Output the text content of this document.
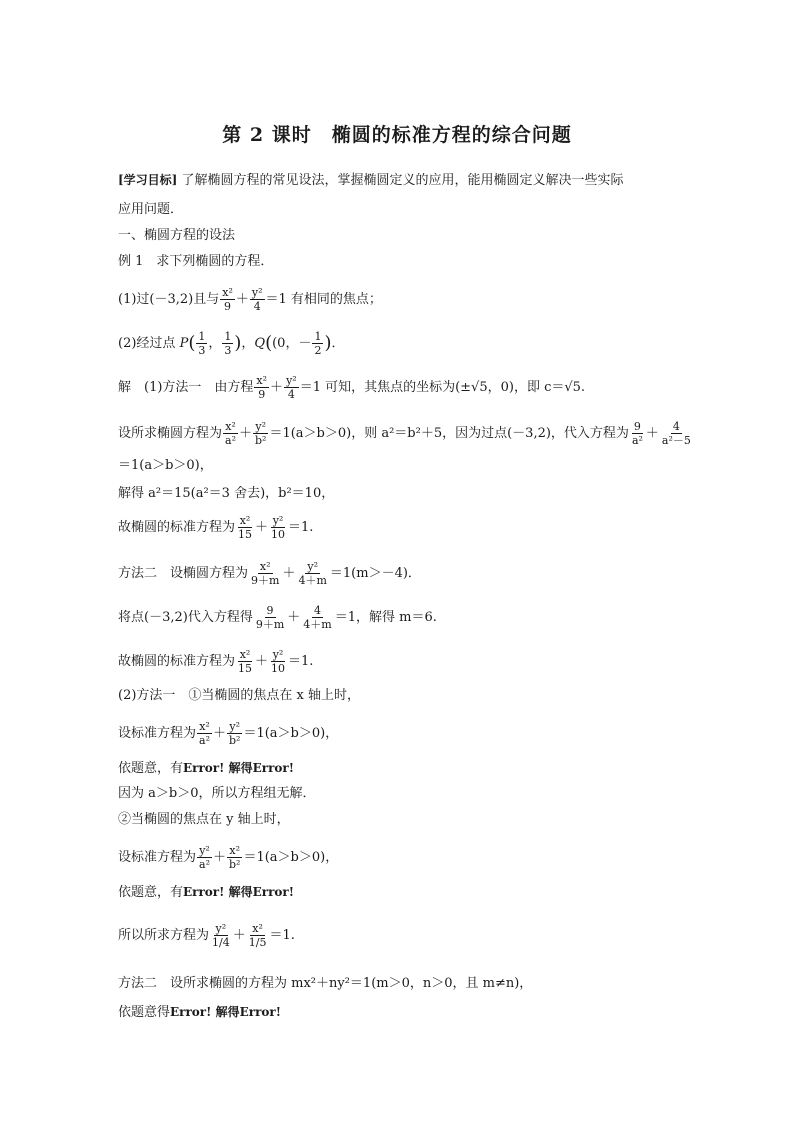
第 2 课时　椭圆的标准方程的综合问题
[学习目标] 了解椭圆方程的常见设法，掌握椭圆定义的应用，能用椭圆定义解决一些实际
应用问题．
一、椭圆方程的设法
例 1　求下列椭圆的方程．
(1)过(－3,2)且与 $\frac{\text{x²}}{9} + \frac{\text{y²}}{4} =1$ 有相同的焦点；
(2)经过点 $P( \frac{1}{3}$ ， $\frac{1}{3}$ )，Q((0，－ $\frac{1}{2}$ )．
解　(1)方法一　由方程 $\frac{\text{x²}}{9} + \frac{\text{y²}}{4} =1$ 可知，其焦点的坐标为(±√5，0)，即 c＝√5.
设所求椭圆方程为 $\frac{\text{x²}}{\text{a²}} + \frac{\text{y²}}{\text{b²}} =1(a>b>0)$，则 a²＝b²＋5，因为过点(－3,2)，代入方程为 $\frac{9}{\text{a²}} + \frac{4}{\text{a²－5}}$
＝1(a＞b＞0)，
解得 a²＝15(a²＝3 舍去)，b²＝10，
故椭圆的标准方程为 $\frac{\text{x²}}{15} + \frac{\text{y²}}{10} =1$.
方法二　设椭圆方程为 $\frac{\text{x²}}{9+m} + \frac{\text{y²}}{4+m} =1(m>-4)$．
将点(－3,2)代入方程得 $\frac{9}{9+m} + \frac{4}{4+m} =1$，解得 m＝6.
故椭圆的标准方程为 $\frac{\text{x²}}{15} + \frac{\text{y²}}{10} =1$.
(2)方法一　①当椭圆的焦点在 x 轴上时，
设标准方程为 $\frac{\text{x²}}{\text{a²}} + \frac{\text{y²}}{\text{b²}} =1(a>b>0)$，
依题意，有Error! 解得Error!
因为 a＞b＞0，所以方程组无解．
②当椭圆的焦点在 y 轴上时，
设标准方程为 $\frac{\text{y²}}{\text{a²}} + \frac{\text{x²}}{\text{b²}} =1(a>b>0)$，
依题意，有Error! 解得Error!
所以所求方程为 $\frac{\text{y²}}{1/4} + \frac{\text{x²}}{1/5} =1$.
方法二　设所求椭圆的方程为 mx²＋ny²＝1(m＞0，n＞0，且 m≠n)，
依题意得Error! 解得Error!
